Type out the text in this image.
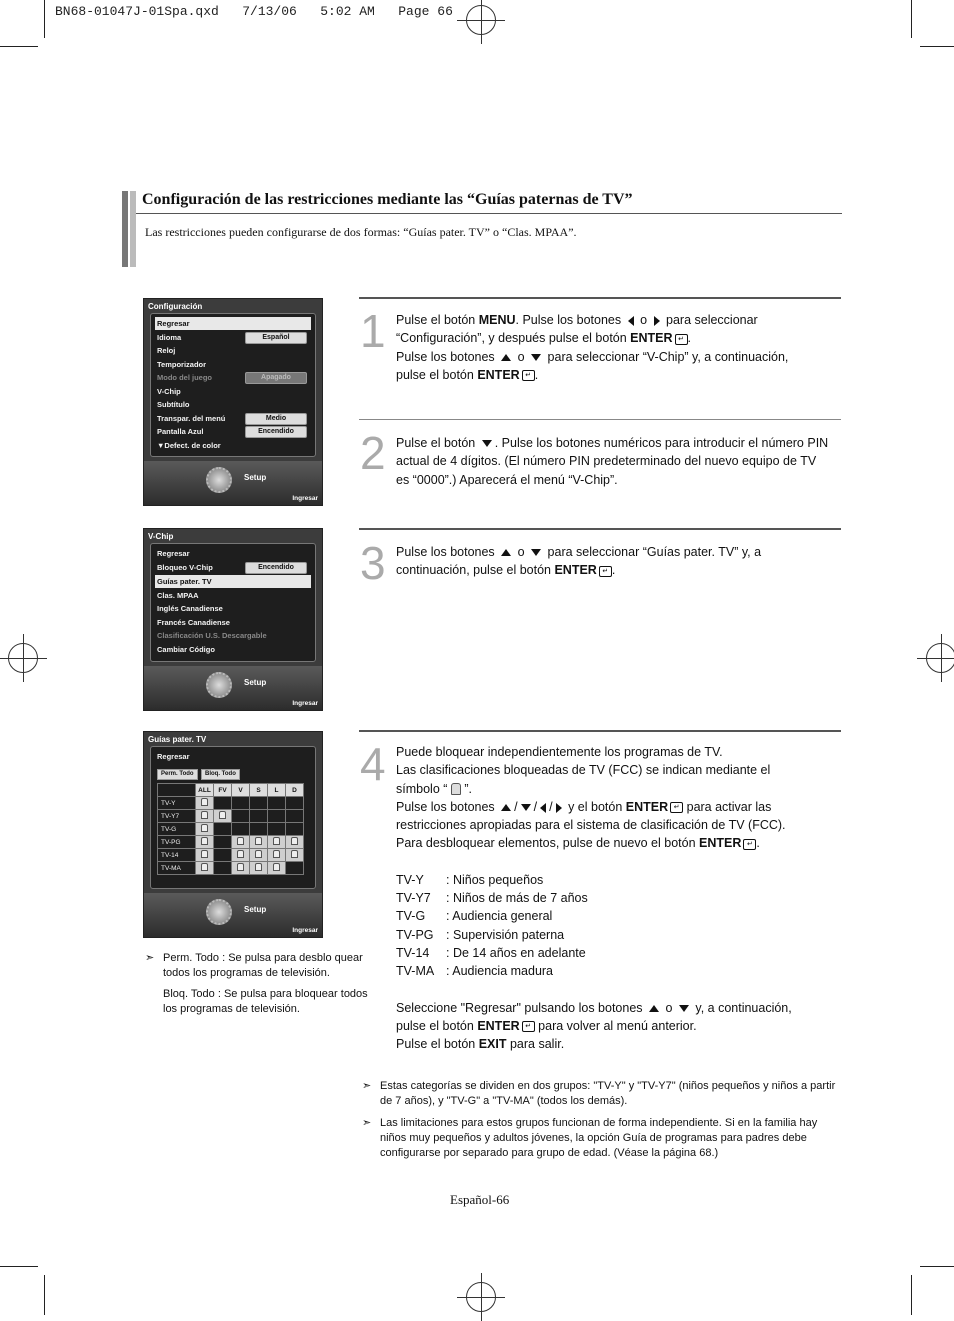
BN68-01047J-01Spa.qxd   7/13/06   5:02 AM   Page 66
Configuración de las restricciones mediante las “Guías paternas de TV”
Las restricciones pueden configurarse de dos formas: “Guías pater. TV” o “Clas. MPAA”.
Configuración
Regresar
Idioma	Español
Reloj
Temporizador
Modo del juego	Apagado
V-Chip
Subtítulo
Transpar. del menú	Medio
Pantalla Azul	Encendido
▼Defect. de color
Setup
Ingresar
V-Chip
Regresar
Bloqueo V-Chip	Encendido
Guías pater. TV
Clas. MPAA
Inglés Canadiense
Francés Canadiense
Clasificación U.S. Descargable
Cambiar Código
Setup
Ingresar
Guías pater. TV
Regresar
Perm. Todo	Bloq. Todo
	ALL	FV	V	S	L	D
TV-Y						
TV-Y7						
TV-G						
TV-PG						
TV-14						
TV-MA						
Setup
Ingresar
➣ Perm. Todo : Se pulsa para desblo quear todos los programas de televisión.
Bloq. Todo : Se pulsa para bloquear todos los programas de televisión.
1 Pulse el botón MENU. Pulse los botones  o  para seleccionar

“Configuración”, y después pulse el botón ENTER ↵ .

Pulse los botones  o  para seleccionar “V-Chip” y, a continuación,

pulse el botón ENTER ↵ .

2 Pulse el botón . Pulse los botones numéricos para introducir el número PIN

actual de 4 dígitos. (El número PIN predeterminado del nuevo equipo de TV

es “0000”.) Aparecerá el menú “V-Chip”.

3 Pulse los botones  o  para seleccionar “Guías pater. TV” y, a

continuación, pulse el botón ENTER ↵ .

4 Puede bloquear independientemente los programas de TV.

Las clasificaciones bloqueadas de TV (FCC) se indican mediante el

símbolo “  ”.

Pulse los botones / / / y el botón ENTER ↵ para activar las

restricciones apropiadas para el sistema de clasificación de TV (FCC).

Para desbloquear elementos, pulse de nuevo el botón ENTER ↵ .

TV-Y	: Niños pequeños
TV-Y7	: Niños de más de 7 años
TV-G	: Audiencia general
TV-PG : Supervisión paterna
TV-14	: De 14 años en adelante
TV-MA : Audiencia madura

Seleccione "Regresar" pulsando los botones  o  y, a continuación,

pulse el botón ENTER ↵ para volver al menú anterior.

Pulse el botón EXIT para salir.

➣ Estas categorías se dividen en dos grupos: "TV-Y" y "TV-Y7" (niños pequeños y niños a partir de 7 años), y "TV-G" a "TV-MA" (todos los demás).
➣ Las limitaciones para estos grupos funcionan de forma independiente. Si en la familia hay niños muy pequeños y adultos jóvenes, la opción Guía de programas para padres debe configurarse por separado para grupo de edad. (Véase la página 68.)
Español-66
